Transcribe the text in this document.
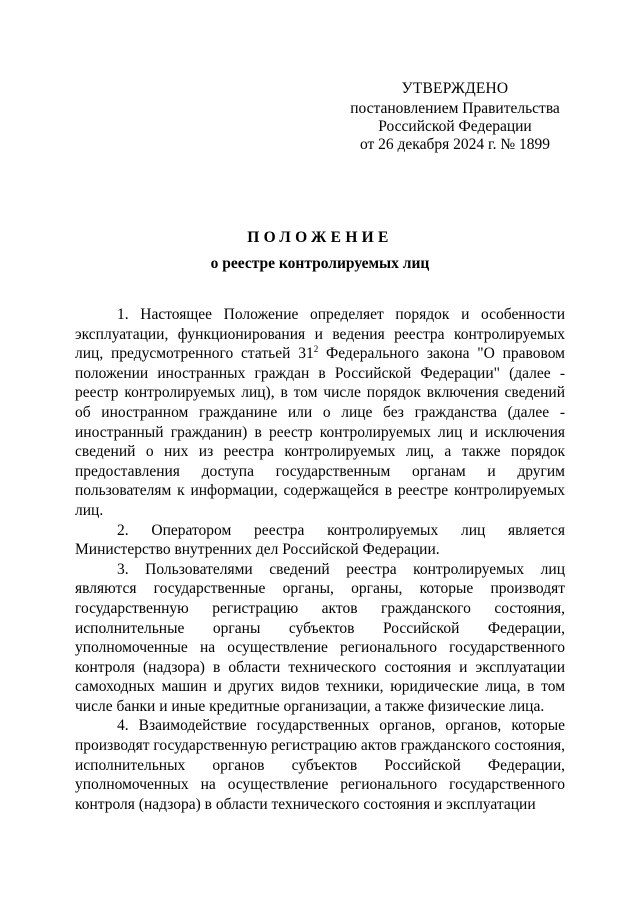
УТВЕРЖДЕНО
постановлением Правительства
Российской Федерации
от 26 декабря 2024 г. № 1899
ПОЛОЖЕНИЕ
о реестре контролируемых лиц

1. Настоящее Положение определяет порядок и особенности эксплуатации, функционирования и ведения реестра контролируемых лиц, предусмотренного статьей $31^2$ Федерального закона "О правовом положении иностранных граждан в Российской Федерации" (далее - реестр контролируемых лиц), в том числе порядок включения сведений об иностранном гражданине или о лице без гражданства (далее - иностранный гражданин) в реестр контролируемых лиц и исключения сведений о них из реестра контролируемых лиц, а также порядок предоставления доступа государственным органам и другим пользователям к информации, содержащейся в реестре контролируемых лиц.

2. Оператором реестра контролируемых лиц является Министерство внутренних дел Российской Федерации.

3. Пользователями сведений реестра контролируемых лиц являются государственные органы, органы, которые производят государственную регистрацию актов гражданского состояния, исполнительные органы субъектов Российской Федерации, уполномоченные на осуществление регионального государственного контроля (надзора) в области технического состояния и эксплуатации самоходных машин и других видов техники, юридические лица, в том числе банки и иные кредитные организации, а также физические лица.

4. Взаимодействие государственных органов, органов, которые производят государственную регистрацию актов гражданского состояния, исполнительных органов субъектов Российской Федерации, уполномоченных на осуществление регионального государственного контроля (надзора) в области технического состояния и эксплуатации
